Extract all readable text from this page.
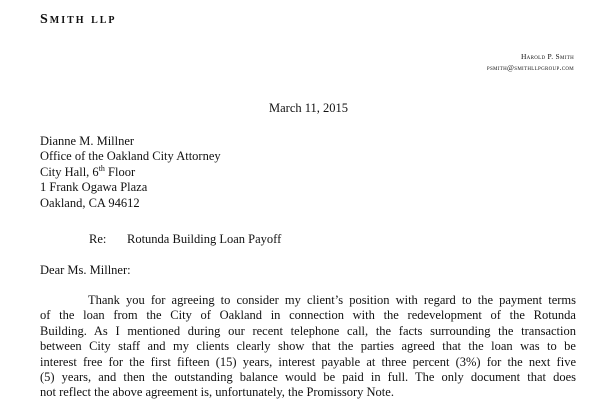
Smith llp
Harold P. Smith
psmith@smithllpgroup.com
March 11, 2015
Dianne M. Millner
Office of the Oakland City Attorney
City Hall, 6th Floor
1 Frank Ogawa Plaza
Oakland, CA 94612
Re: Rotunda Building Loan Payoff
Dear Ms. Millner:
Thank you for agreeing to consider my client’s position with regard to the payment terms
of the loan from the City of Oakland in connection with the redevelopment of the Rotunda
Building. As I mentioned during our recent telephone call, the facts surrounding the transaction
between City staff and my clients clearly show that the parties agreed that the loan was to be
interest free for the first fifteen (15) years, interest payable at three percent (3%) for the next five
(5) years, and then the outstanding balance would be paid in full. The only document that does
not reflect the above agreement is, unfortunately, the Promissory Note.
